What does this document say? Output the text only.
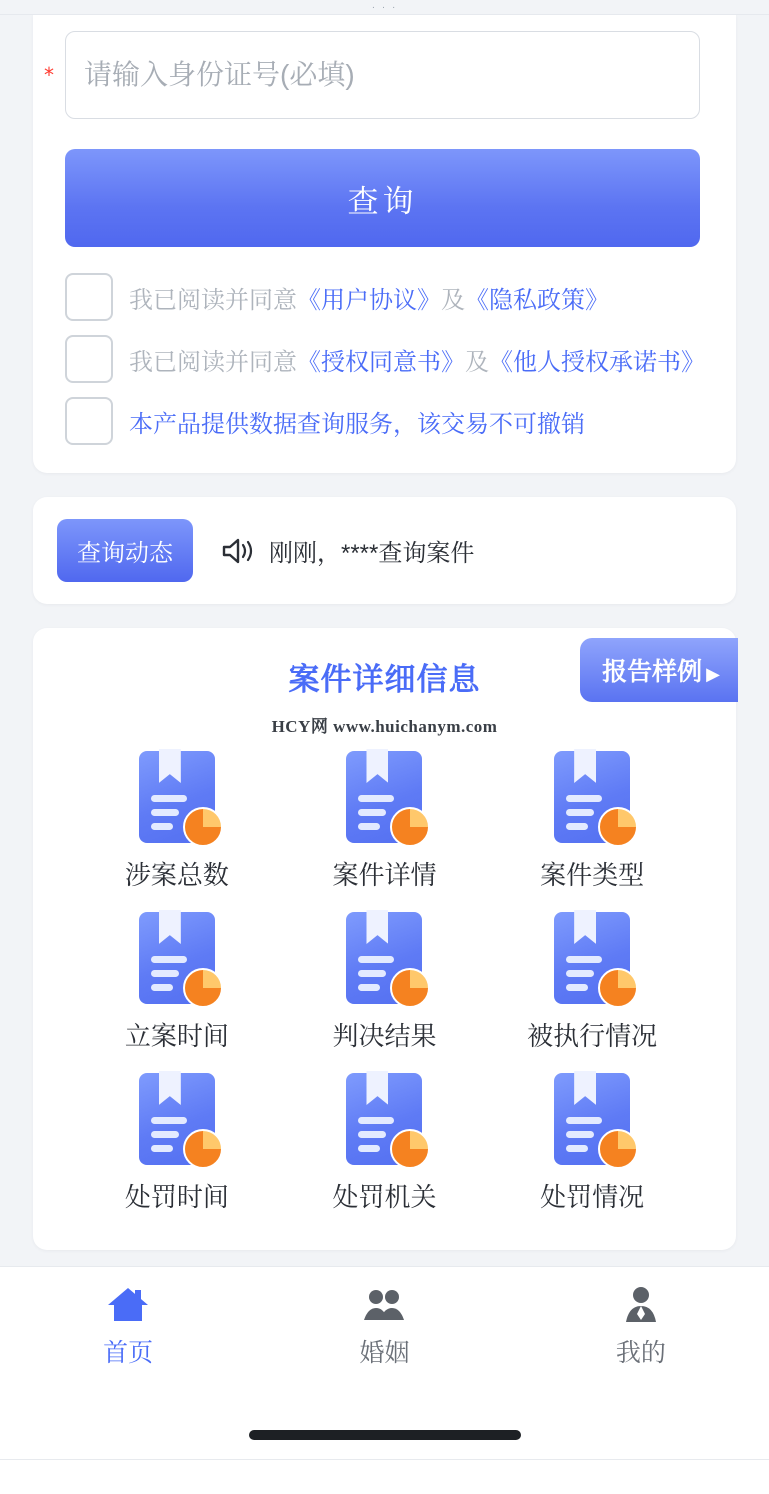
· · ·
*
请输入身份证号(必填)
查询
我已阅读并同意《用户协议》及《隐私政策》
我已阅读并同意《授权同意书》及《他人授权承诺书》
本产品提供数据查询服务，该交易不可撤销
查询动态	刚刚，****查询案件
案件详细信息	报告样例 ▶
HCY网 www.huichanym.com
涉案总数	案件详情	案件类型
立案时间	判决结果	被执行情况
处罚时间	处罚机关	处罚情况
首页	婚姻	我的
